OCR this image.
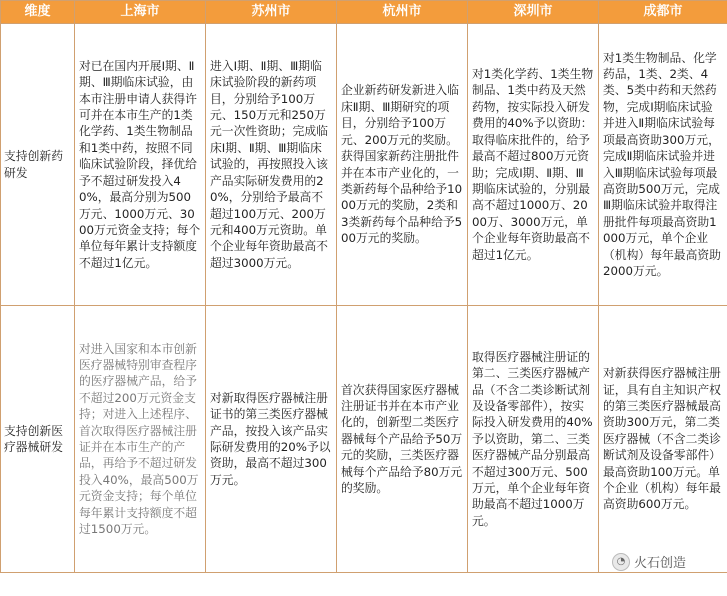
维度	上海市	苏州市	杭州市	深圳市	成都市
支持创新药研发	对已在国内开展Ⅰ期、Ⅱ期、Ⅲ期临床试验，由本市注册申请人获得许可并在本市生产的1类化学药、1类生物制品和1类中药，按照不同临床试验阶段，择优给予不超过研发投入40%，最高分别为500万元、1000万元、3000万元资金支持；每个单位每年累计支持额度不超过1亿元。	进入Ⅰ期、Ⅱ期、Ⅲ期临床试验阶段的新药项目，分别给予100万元、150万元和250万元一次性资助；完成临床Ⅰ期、Ⅱ期、Ⅲ期临床试验的，再按照投入该产品实际研发费用的20%，分别给予最高不超过100万元、200万元和400万元资助。单个企业每年资助最高不超过3000万元。	企业新药研发新进入临床Ⅱ期、Ⅲ期研究的项目，分别给予100万元、200万元的奖励。获得国家新药注册批件并在本市产业化的，一类新药每个品种给予1000万元的奖励，2类和3类新药每个品种给予500万元的奖励。	对1类化学药、1类生物制品、1类中药及天然药物，按实际投入研发费用的40%予以资助：取得临床批件的，给予最高不超过800万元资助；完成Ⅰ期、Ⅱ期、Ⅲ期临床试验的，分别最高不超过1000万、2000万、3000万元，单个企业每年资助最高不超过1亿元。	对1类生物制品、化学药品，1类、2类、4类、5类中药和天然药物，完成Ⅰ期临床试验并进入Ⅱ期临床试验每项最高资助300万元，完成Ⅱ期临床试验并进入Ⅲ期临床试验每项最高资助500万元，完成Ⅲ期临床试验并取得注册批件每项最高资助1000万元，单个企业（机构）每年最高资助2000万元。
支持创新医疗器械研发	对进入国家和本市创新医疗器械特别审查程序的医疗器械产品，给予不超过200万元资金支持；对进入上述程序、首次取得医疗器械注册证并在本市生产的产品，再给予不超过研发投入40%，最高500万元资金支持；每个单位每年累计支持额度不超过1500万元。	对新取得医疗器械注册证书的第三类医疗器械产品，按投入该产品实际研发费用的20%予以资助，最高不超过300万元。	首次获得国家医疗器械注册证书并在本市产业化的，创新型二类医疗器械每个产品给予50万元的奖励，三类医疗器械每个产品给予80万元的奖励。	取得医疗器械注册证的第二、三类医疗器械产品（不含二类诊断试剂及设备零部件），按实际投入研发费用的40%予以资助，第二、三类医疗器械产品分别最高不超过300万元、500万元，单个企业每年资助最高不超过1000万元。	对新获得医疗器械注册证，具有自主知识产权的第三类医疗器械最高资助300万元，第二类医疗器械（不含二类诊断试剂及设备零部件）最高资助100万元。单个企业（机构）每年最高资助600万元。
◔ 火石创造
